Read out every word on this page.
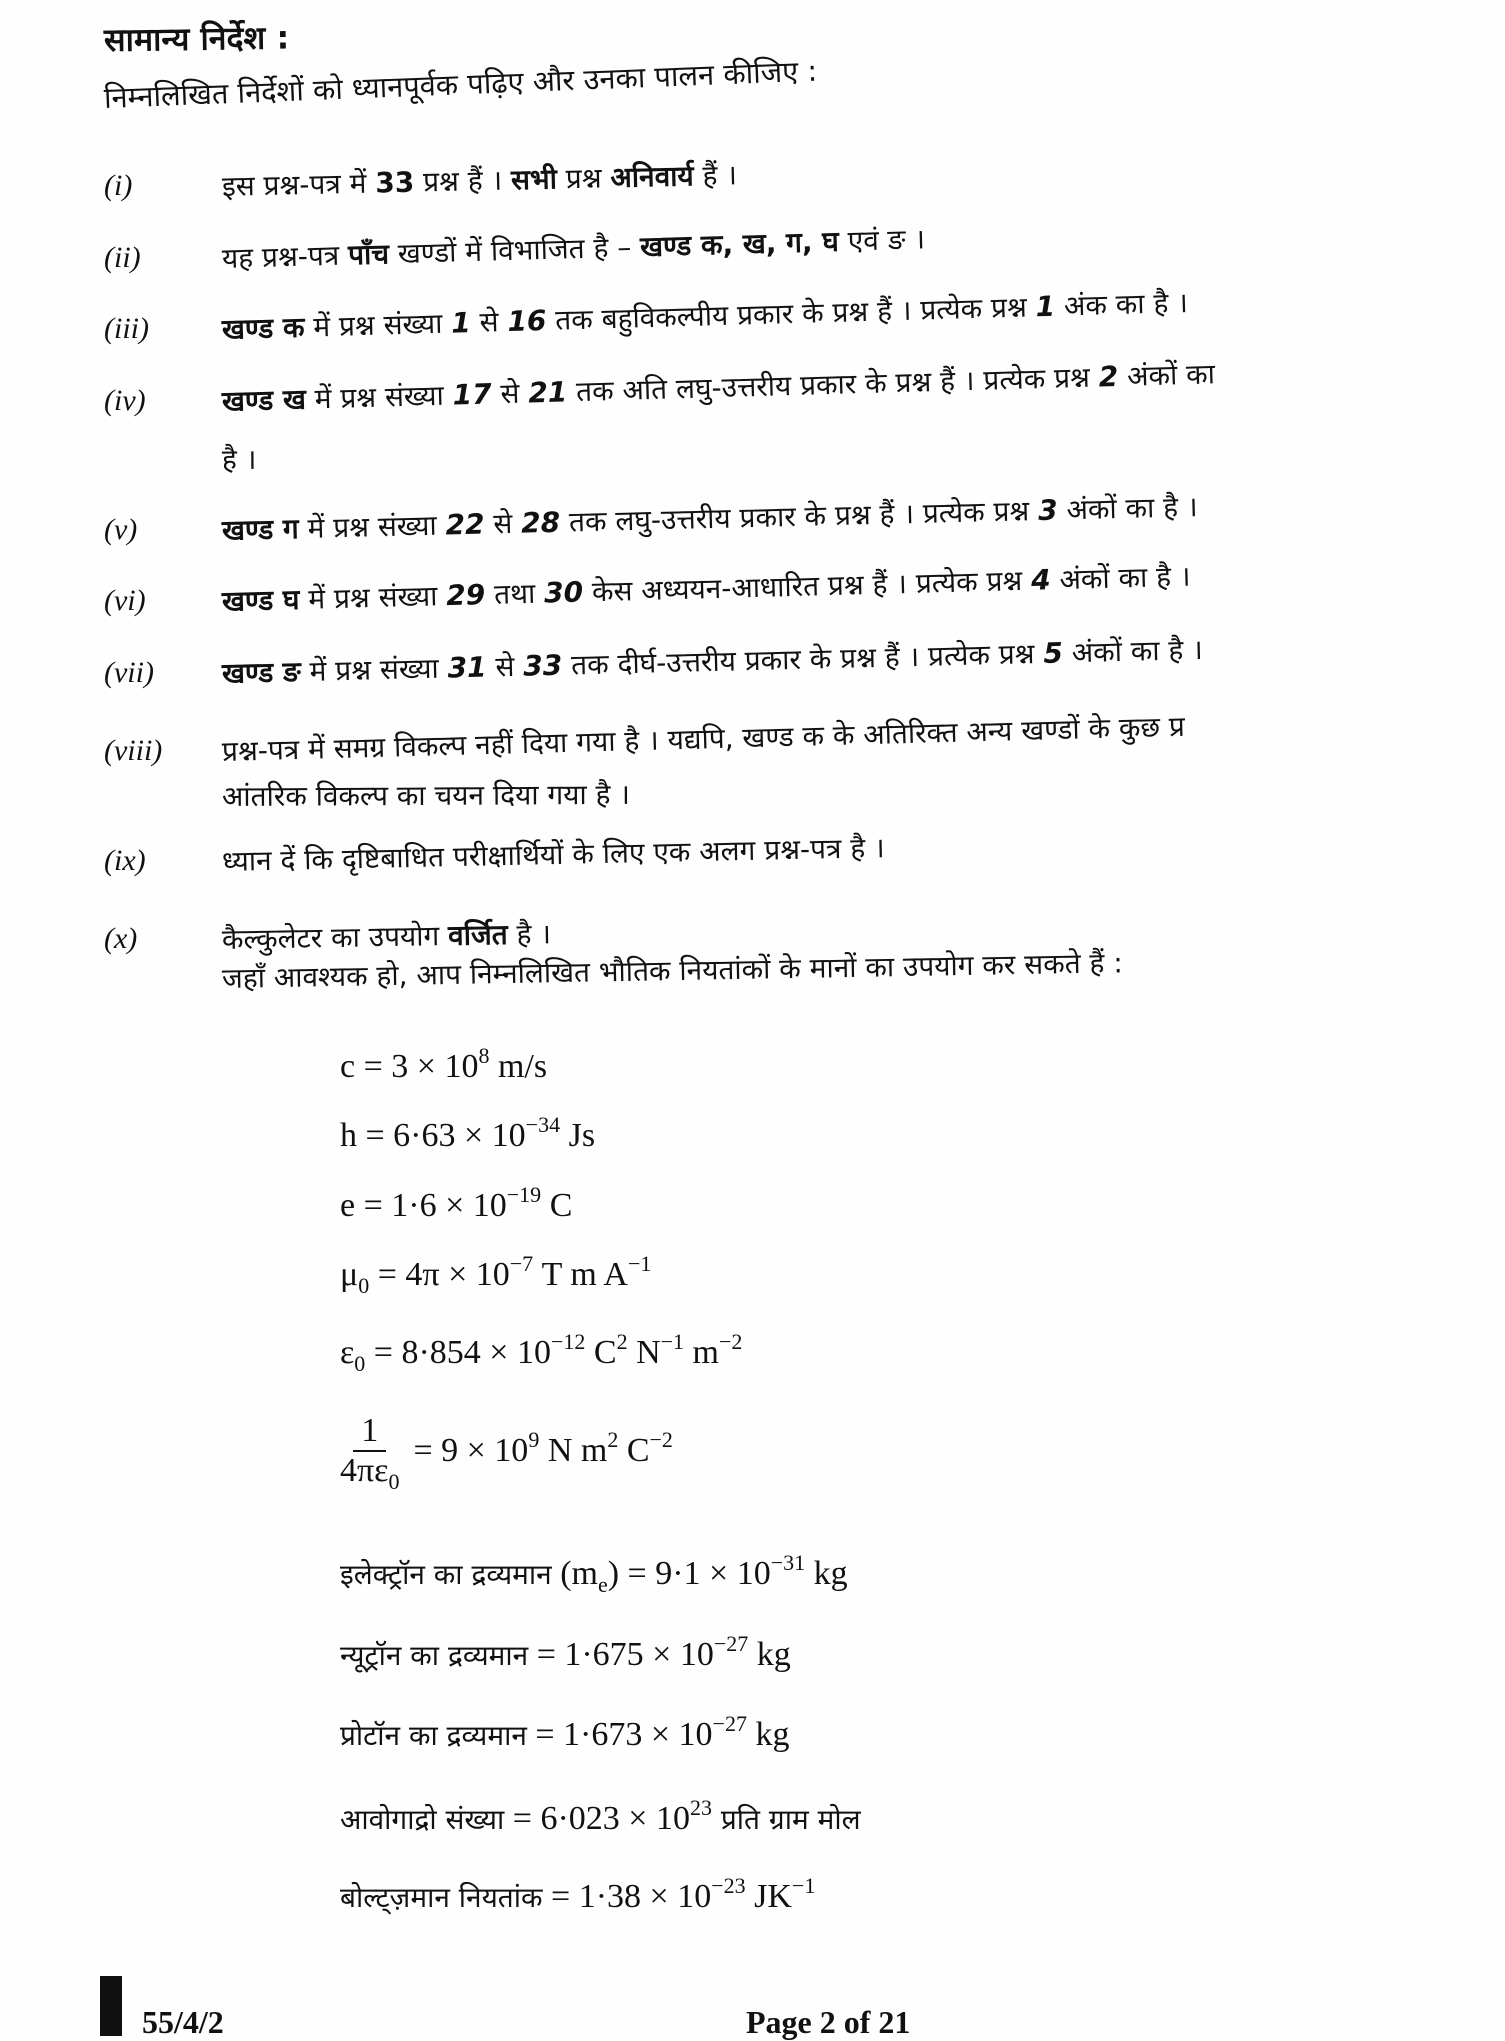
सामान्य निर्देश :
निम्नलिखित निर्देशों को ध्यानपूर्वक पढ़िए और उनका पालन कीजिए :
(i)	इस प्रश्न-पत्र में 33 प्रश्न हैं । सभी प्रश्न अनिवार्य हैं ।
(ii)	यह प्रश्न-पत्र पाँच खण्डों में विभाजित है – खण्ड क, ख, ग, घ एवं ङ ।
(iii)	खण्ड क में प्रश्न संख्या 1 से 16 तक बहुविकल्पीय प्रकार के प्रश्न हैं । प्रत्येक प्रश्न 1 अंक का है ।
(iv)	खण्ड ख में प्रश्न संख्या 17 से 21 तक अति लघु-उत्तरीय प्रकार के प्रश्न हैं । प्रत्येक प्रश्न 2 अंकों का
है ।
(v)	खण्ड ग में प्रश्न संख्या 22 से 28 तक लघु-उत्तरीय प्रकार के प्रश्न हैं । प्रत्येक प्रश्न 3 अंकों का है ।
(vi)	खण्ड घ में प्रश्न संख्या 29 तथा 30 केस अध्ययन-आधारित प्रश्न हैं । प्रत्येक प्रश्न 4 अंकों का है ।
(vii) खण्ड ङ में प्रश्न संख्या 31 से 33 तक दीर्घ-उत्तरीय प्रकार के प्रश्न हैं । प्रत्येक प्रश्न 5 अंकों का है ।
(viii) प्रश्न-पत्र में समग्र विकल्प नहीं दिया गया है । यद्यपि, खण्ड क के अतिरिक्त अन्य खण्डों के कुछ प्र
आंतरिक विकल्प का चयन दिया गया है ।
(ix)	ध्यान दें कि दृष्टिबाधित परीक्षार्थियों के लिए एक अलग प्रश्न-पत्र है ।
(x)	कैल्कुलेटर का उपयोग वर्जित है ।
जहाँ आवश्यक हो, आप निम्नलिखित भौतिक नियतांकों के मानों का उपयोग कर सकते हैं :
$c = 3 \times 10^8$ m/s
$h = 6\cdot 63 \times 10^{-34}$ Js
$e = 1\cdot 6 \times 10^{-19}$ C
$\mu_0 = 4\pi \times 10^{-7}$ T m $A^{-1}$
$\varepsilon_0 = 8\cdot 854 \times 10^{-12}$ $C^2$ $N^{-1}$ $m^{-2}$
इलेक्ट्रॉन का द्रव्यमान $(m_e) = 9\cdot 1 \times 10^{-31}$ kg
न्यूट्रॉन का द्रव्यमान = $1\cdot 675 \times 10^{-27}$ kg
प्रोटॉन का द्रव्यमान = $1\cdot 673 \times 10^{-27}$ kg
आवोगाद्रो संख्या = $6\cdot 023 \times 10^{23}$ प्रति ग्राम मोल
बोल्ट्ज़मान नियतांक = $1\cdot 38 \times 10^{-23}$ $JK^{-1}$
$\frac{1}{4\pi\varepsilon_0} = 9 \times 10^9$ N $m^2$ $C^{-2}$
55/4/2	Page 2 of 21
